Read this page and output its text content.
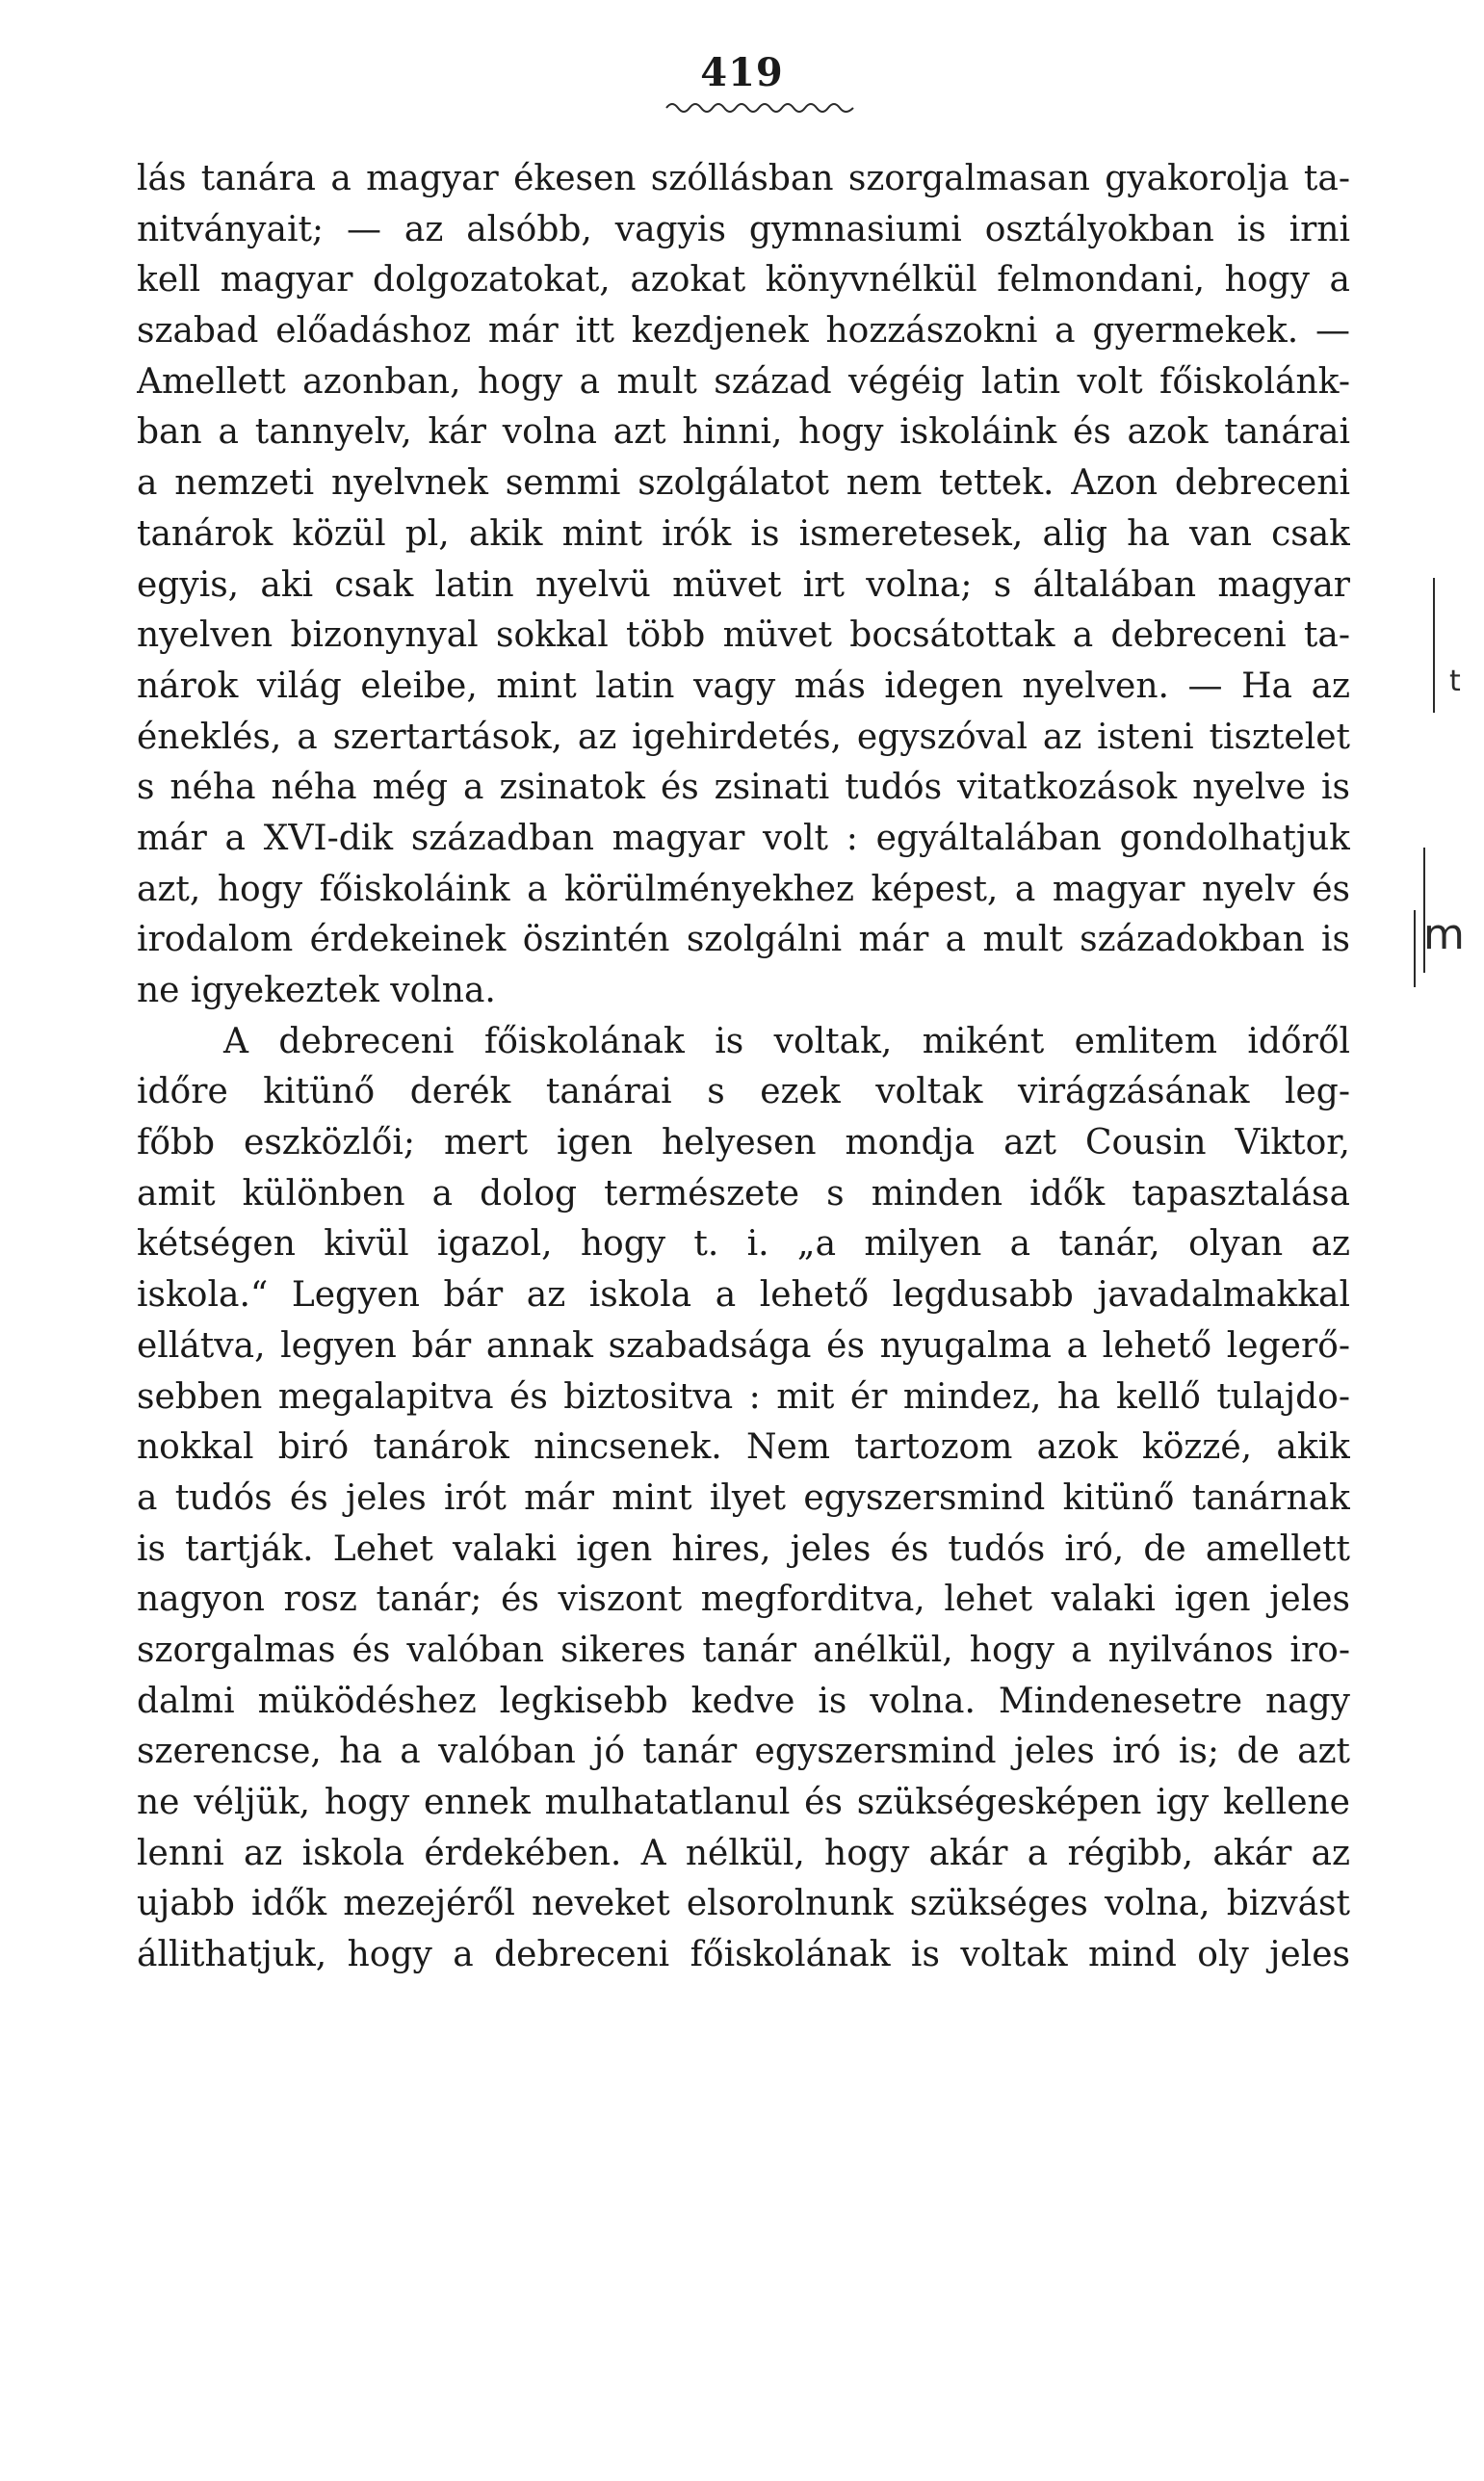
419
lás tanára a magyar ékesen szóllásban szorgalmasan gyakorolja ta-
nitványait; — az alsóbb, vagyis gymnasiumi osztályokban is irni
kell magyar dolgozatokat, azokat könyvnélkül felmondani, hogy a
szabad előadáshoz már itt kezdjenek hozzászokni a gyermekek. —
Amellett azonban, hogy a mult század végéig latin volt főiskolánk-
ban a tannyelv, kár volna azt hinni, hogy iskoláink és azok tanárai
a nemzeti nyelvnek semmi szolgálatot nem tettek. Azon debreceni
tanárok közül pl, akik mint irók is ismeretesek, alig ha van csak
egyis, aki csak latin nyelvü müvet irt volna; s általában magyar
nyelven bizonynyal sokkal több müvet bocsátottak a debreceni ta-
nárok világ eleibe, mint latin vagy más idegen nyelven. — Ha az
éneklés, a szertartások, az igehirdetés, egyszóval az isteni tisztelet
s néha néha még a zsinatok és zsinati tudós vitatkozások nyelve is
már a XVI-dik században magyar volt : egyáltalában gondolhatjuk
azt, hogy főiskoláink a körülményekhez képest, a magyar nyelv és
irodalom érdekeinek öszintén szolgálni már a mult századokban is
ne igyekeztek volna.
A debreceni főiskolának is voltak, miként emlitem időről
időre kitünő derék tanárai s ezek voltak virágzásának leg-
főbb eszközlői; mert igen helyesen mondja azt Cousin Viktor,
amit különben a dolog természete s minden idők tapasztalása
kétségen kivül igazol, hogy t. i. „a milyen a tanár, olyan az
iskola.“ Legyen bár az iskola a lehető legdusabb javadalmakkal
ellátva, legyen bár annak szabadsága és nyugalma a lehető legerő-
sebben megalapitva és biztositva : mit ér mindez, ha kellő tulajdo-
nokkal biró tanárok nincsenek. Nem tartozom azok közzé, akik
a tudós és jeles irót már mint ilyet egyszersmind kitünő tanárnak
is tartják. Lehet valaki igen hires, jeles és tudós iró, de amellett
nagyon rosz tanár; és viszont megforditva, lehet valaki igen jeles
szorgalmas és valóban sikeres tanár anélkül, hogy a nyilvános iro-
dalmi müködéshez legkisebb kedve is volna. Mindenesetre nagy
szerencse, ha a valóban jó tanár egyszersmind jeles iró is; de azt
ne véljük, hogy ennek mulhatatlanul és szükségesképen igy kellene
lenni az iskola érdekében. A nélkül, hogy akár a régibb, akár az
ujabb idők mezejéről neveket elsorolnunk szükséges volna, bizvást
állithatjuk, hogy a debreceni főiskolának is voltak mind oly jeles
t
m
